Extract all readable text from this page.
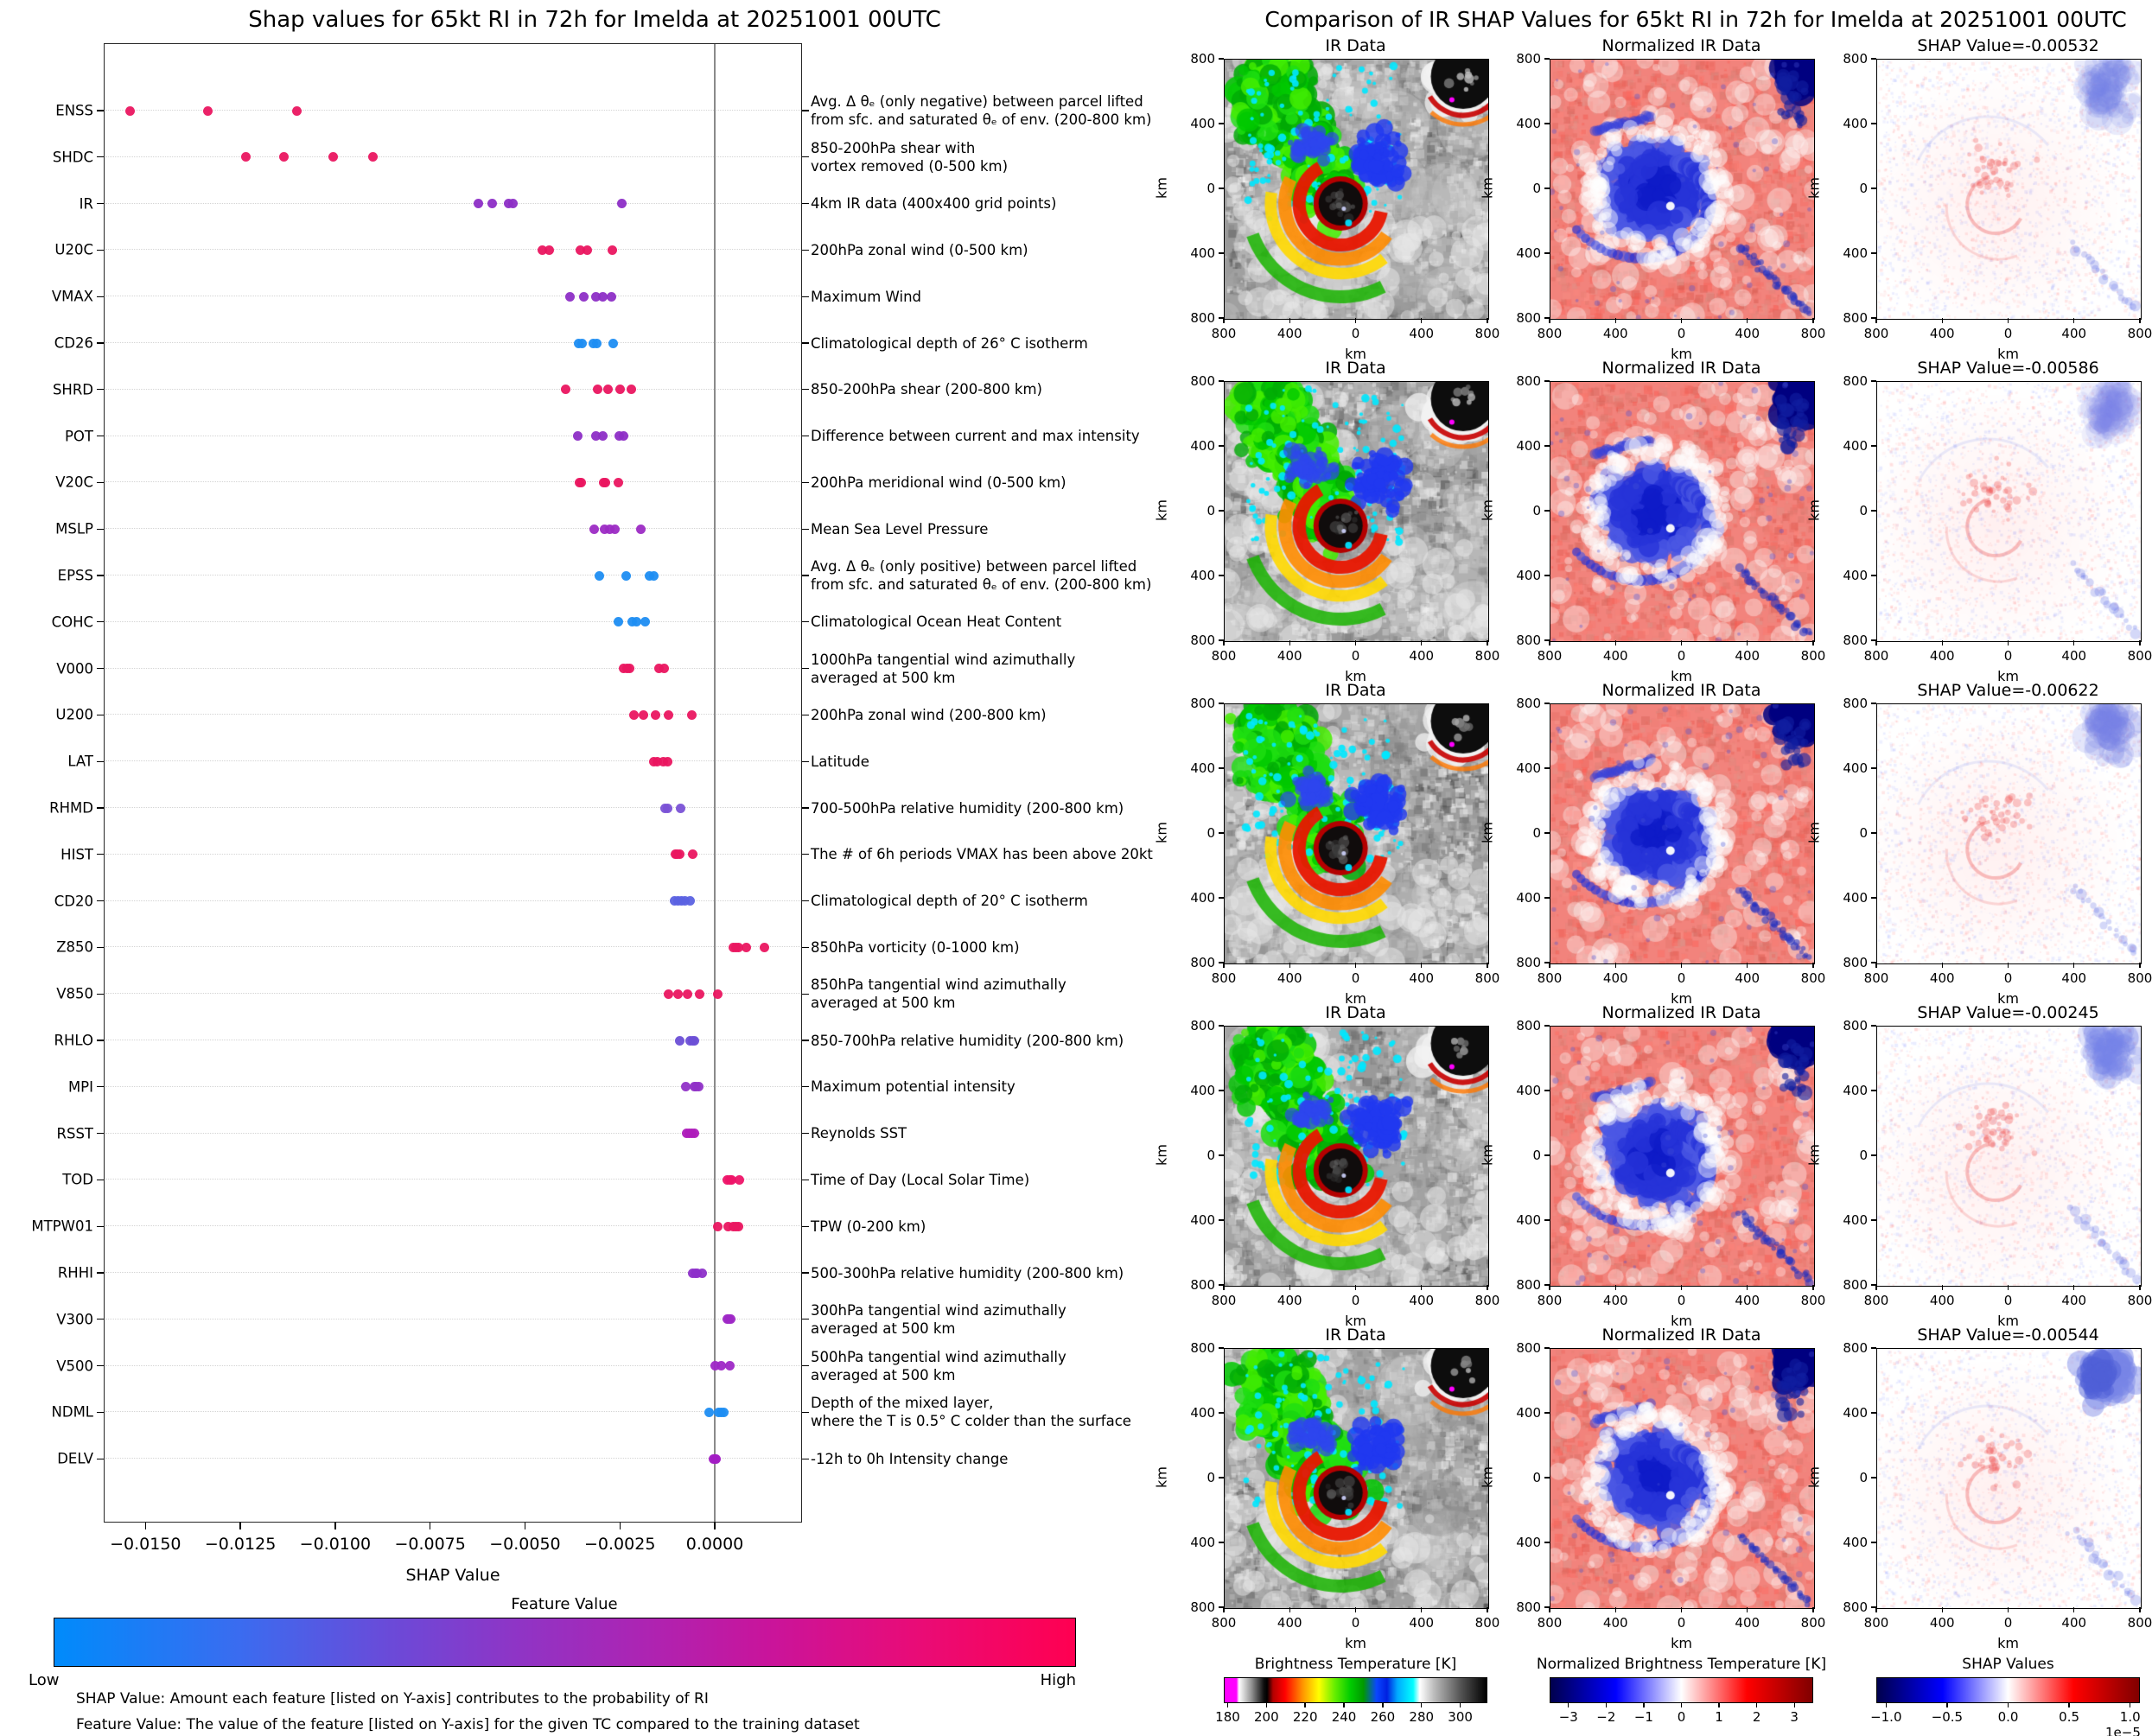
Shap values for 65kt RI in 72h for Imelda at 20251001 00UTC	Comparison of IR SHAP Values for 65kt RI in 72h for Imelda at 20251001 00UTC
SHAP Value
Feature Value
Low	High
SHAP Value: Amount each feature [listed on Y-axis] contributes to the probability of RI
Feature Value: The value of the feature [listed on Y-axis] for the given TC compared to the training dataset
ENSS
Avg. Δ θₑ (only negative) between parcel lifted
from sfc. and saturated θₑ of env. (200-800 km)
SHDC
850-200hPa shear with
vortex removed (0-500 km)
IR	4km IR data (400x400 grid points)
U20C	200hPa zonal wind (0-500 km)
VMAX	Maximum Wind
CD26	Climatological depth of 26° C isotherm
SHRD	850-200hPa shear (200-800 km)
POT	Difference between current and max intensity
V20C	200hPa meridional wind (0-500 km)
MSLP	Mean Sea Level Pressure
EPSS
Avg. Δ θₑ (only positive) between parcel lifted
from sfc. and saturated θₑ of env. (200-800 km)
COHC	Climatological Ocean Heat Content
V000
1000hPa tangential wind azimuthally
averaged at 500 km
U200	200hPa zonal wind (200-800 km)
LAT	Latitude
RHMD	700-500hPa relative humidity (200-800 km)
HIST	The # of 6h periods VMAX has been above 20kt
CD20	Climatological depth of 20° C isotherm
Z850	850hPa vorticity (0-1000 km)
V850
850hPa tangential wind azimuthally
averaged at 500 km
RHLO	850-700hPa relative humidity (200-800 km)
MPI	Maximum potential intensity
RSST	Reynolds SST
TOD	Time of Day (Local Solar Time)
MTPW01	TPW (0-200 km)
RHHI	500-300hPa relative humidity (200-800 km)
V300
300hPa tangential wind azimuthally
averaged at 500 km
V500
500hPa tangential wind azimuthally
averaged at 500 km
NDML
Depth of the mixed layer,
where the T is 0.5° C colder than the surface
DELV	-12h to 0h Intensity change
−0.0150 −0.0125 −0.0100 −0.0075 −0.0050 −0.0025 0.0000
IR Data
800
400
0
400
800
800	400	0	400	800
km
km
Normalized IR Data
800
400
0
400
800
800	400	0	400	800
km
km
SHAP Value=-0.00532
800
400
0
400
800
800	400	0	400	800
km
km
IR Data
800
400
0
400
800
800	400	0	400	800
km
km
Normalized IR Data
800
400
0
400
800
800	400	0	400	800
km
km
SHAP Value=-0.00586
800
400
0
400
800
800	400	0	400	800
km
km
IR Data
800
400
0
400
800
800	400	0	400	800
km
km
Normalized IR Data
800
400
0
400
800
800	400	0	400	800
km
km
SHAP Value=-0.00622
800
400
0
400
800
800	400	0	400	800
km
km
IR Data
800
400
0
400
800
800	400	0	400	800
km
km
Normalized IR Data
800
400
0
400
800
800	400	0	400	800
km
km
SHAP Value=-0.00245
800
400
0
400
800
800	400	0	400	800
km
km
IR Data
800
400
0
400
800
800	400	0	400	800
km
km
Normalized IR Data
800
400
0
400
800
800	400	0	400	800
km
km
SHAP Value=-0.00544
800
400
0
400
800
800	400	0	400	800
km
km
Brightness Temperature [K]
180 200 220 240 260 280 300
Normalized Brightness Temperature [K]
−3 −2 −1 0 1 2 3
SHAP Values
−1.0 −0.5	0.0	0.5	1.0
1e−5
